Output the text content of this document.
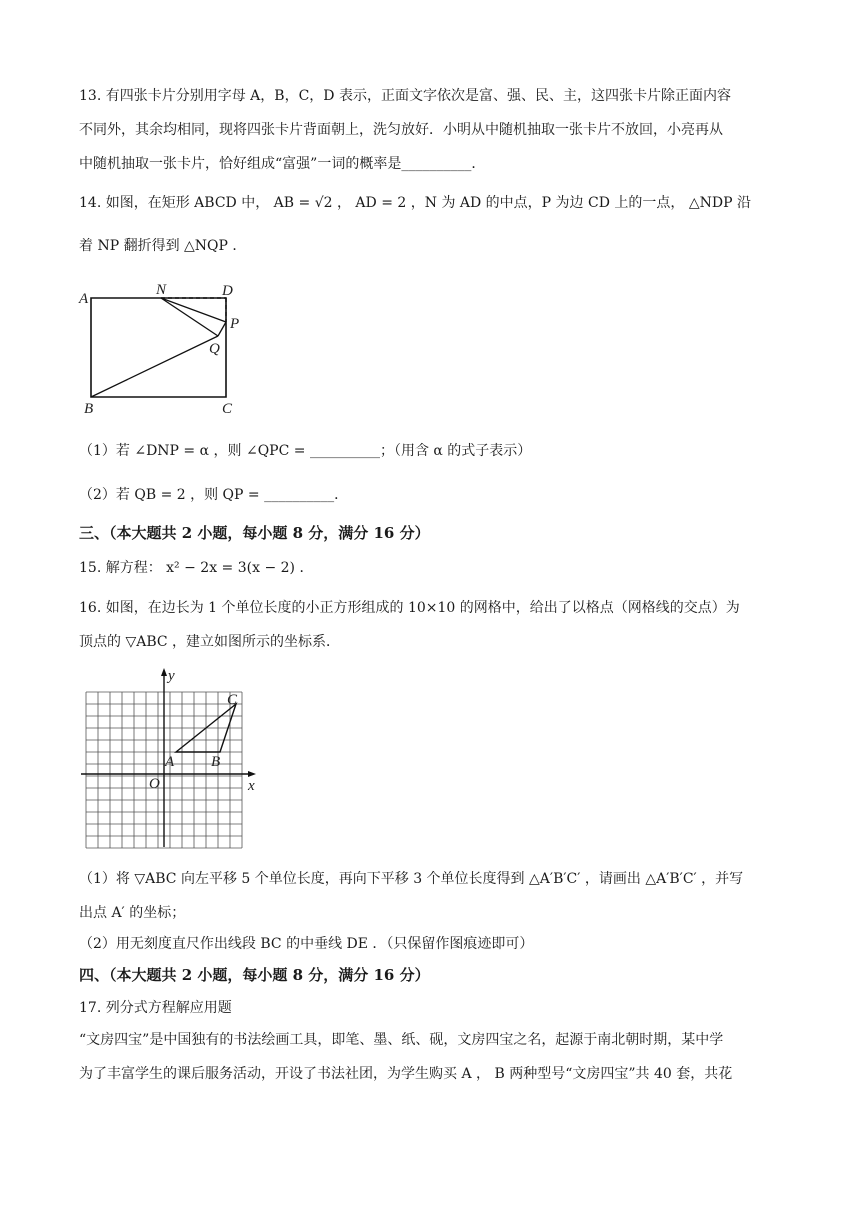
13. 有四张卡片分别用字母 A，B，C，D 表示，正面文字依次是富、强、民、主，这四张卡片除正面内容
不同外，其余均相同，现将四张卡片背面朝上，洗匀放好．小明从中随机抽取一张卡片不放回，小亮再从
中随机抽取一张卡片，恰好组成“富强”一词的概率是__________．
14. 如图，在矩形 ABCD 中， AB = √2 ， AD = 2 ，N 为 AD 的中点，P 为边 CD 上的一点， △NDP 沿
着 NP 翻折得到 △NQP ．
A
N	D
P
Q
B	C
（1）若 ∠DNP = α ，则 ∠QPC = __________；（用含 α 的式子表示）
（2）若 QB = 2 ，则 QP = __________．
三、（本大题共 2 小题，每小题 8 分，满分 16 分）
15. 解方程： x² − 2x = 3(x − 2) ．
16. 如图，在边长为 1 个单位长度的小正方形组成的 10×10 的网格中，给出了以格点（网格线的交点）为
顶点的 ▽ABC ，建立如图所示的坐标系．
y
x
O
A B
C
（1）将 ▽ABC 向左平移 5 个单位长度，再向下平移 3 个单位长度得到 △A′B′C′ ，请画出 △A′B′C′ ，并写
出点 A′ 的坐标；
（2）用无刻度直尺作出线段 BC 的中垂线 DE ．（只保留作图痕迹即可）
四、（本大题共 2 小题，每小题 8 分，满分 16 分）
17. 列分式方程解应用题
“文房四宝”是中国独有的书法绘画工具，即笔、墨、纸、砚，文房四宝之名，起源于南北朝时期，某中学
为了丰富学生的课后服务活动，开设了书法社团，为学生购买 A ， B 两种型号“文房四宝”共 40 套，共花
